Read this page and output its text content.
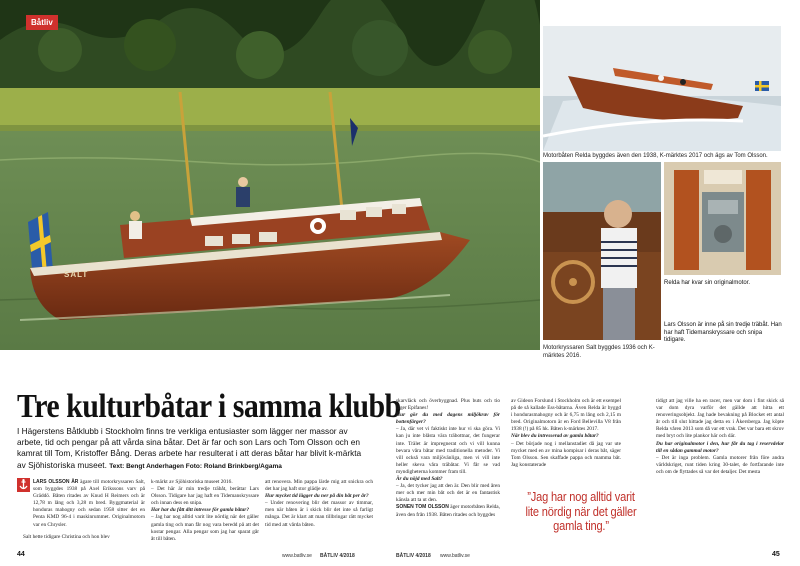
SALT
Båtliv
Motorbåten Relda byggdes även den 1938, K-märktes 2017 och ägs av Tom Olsson.
Relda har kvar sin originalmotor.
Lars Olsson är inne på sin tredje träbåt. Han har haft Tidemanskryssare och snipa tidigare.
Motorkryssaren Salt byggdes 1936 och K-märktes 2016.
Tre kulturbåtar i samma klubb
I Hägerstens Båtklubb i Stockholm finns tre verkliga entusiaster som lägger ner massor av arbete, tid och pengar på att vårda sina båtar. Det är far och son Lars och Tom Olsson och en kamrat till Tom, Kristoffer Bång. Deras arbete har resulterat i att deras båtar har blivit k-märkta av Sjöhistoriska museet. Text: Bengt Anderhagen Foto: Roland Brinkberg/Agama
LARS OLSSON ÄR ägare till motorkryssaren Salt, som byggdes 1938 på Axel Erikssons varv på Gräddö. Båten ritades av Knud H Reimers och är 12,78 m lång och 3,28 m bred. Byggmaterial är honduras mahogny och sedan 1958 sitter det en Penta KMD 96-4 i maskinrummet. Originalmotorn var en Chrysler.
Salt hette tidigare Christina och hon blev
k-märkt av Sjöhistoriska museet 2016.
– Det här är min tredje träbåt, berättar Lars Olsson. Tidigare har jag haft en Tidemanskryssare och innan dess en snipa.
Har har du fått ditt intresse för gamla båtar?
– Jag har nog alltid varit lite nördig när det gäller gamla ting och man får nog vara beredd på att det kostar pengar. Alla pengar som jag har sparat går åt till båten.
att renovera. Min pappa lärde mig att snickra och det har jag haft stor glädje av.
Hur mycket tid lägger du ner på din båt per år?
– Under renovering blir det massor av timmar, men när båten är i skick blir det inte så farligt många. Det är klart att man tillbringar rätt mycket tid med att vårda båten.
skarvläck och överbyggnad. Plus buts och tio lager Epifanes!
Hur gör du med dagens miljökrav för bottenfärger?
– Ja, där vet vi faktiskt inte hur vi ska göra. Vi kan ju inte blåsta vära träbottnar, det fungerar inte. Trälet är impregnerat och vi vill kunna bevara våra båtar med traditionella metoder. Vi vill också vara miljövänliga, men vi vill inte heller skeva våra träbåtar. Vi får se vad myndigheterna kommer fram till.
Är du nöjd med Salt?
– Ja, det tycker jag att den är. Den blir med åren mer och mer min båt och det är en fantastisk känsla att ta ut den.
SONEN TOM OLSSON äger motorbåten Relda, även den från 1938. Båten ritades och byggdes
av Gideon Forslund i Stockholm och är ett exempel på de så kallade Ess-båtarna. Även Relda är byggd i hondurasmahogny och är 6,75 m lång och 2,15 m bred. Originalmotorn är en Ford Bellevilla V8 från 1938 (!) på 85 hk. Båten k-märktes 2017.
När blev du intresserad av gamla båtar?
– Det började nog i mellanstadiet då jag var ute mycket med en av mina kompisar i deras båt, säger Tom Olsson. Sen skaffade pappa och mamma båt. Jag konstaterade
”Jag har nog alltid varit lite nördig när det gäller gamla ting.”
tidigt att jag ville ha en racer, men var dom i fint skick så var dom dyra varför det gällde att hitta ett renoveringsobjekt. Jag hade bevakning på Blocket ett antal år och till slut hittade jag detta ex i Åkersberga. Jag köpte Relda våren 2013 som då var ett vrak. Det var bara ett skrov med bryt och lite plankor här och där.
Du har originalmotor i den, hur får du tag i reservdelar till en sådan gammal motor?
– Det är inga problem. Gamla motorer från före andra världskriget, runt tiden kring 30-talet, de fortfarande inte och om de flyttades så var det detaljer. Det mesta
44	www.batliv.se BÅTLIV 4/2018	BÅTLIV 4/2018 www.batliv.se	45
